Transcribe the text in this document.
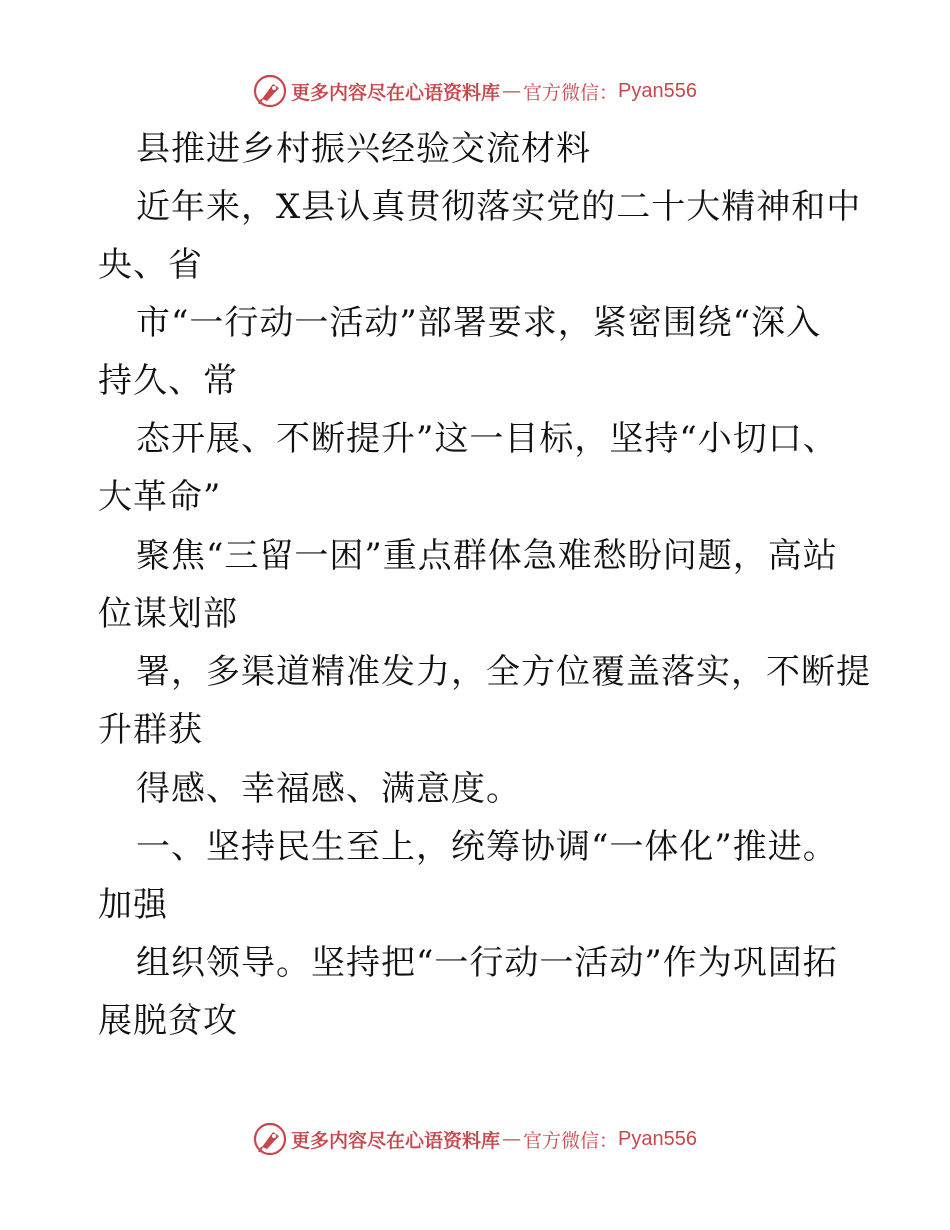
更多内容尽在心语资料库 — 官方微信： Pyan556

县推进乡村振兴经验交流材料

近年来，X县认真贯彻落实党的二十大精神和中

央、省

市“一行动一活动”部署要求，紧密围绕“深入

持久、常

态开展、不断提升”这一目标，坚持“小切口、

大革命”

聚焦“三留一困”重点群体急难愁盼问题，高站

位谋划部

署，多渠道精准发力，全方位覆盖落实，不断提

升群获

得感、幸福感、满意度。

一、坚持民生至上，统筹协调“一体化”推进。

加强

组织领导。坚持把“一行动一活动”作为巩固拓

展脱贫攻

更多内容尽在心语资料库 — 官方微信： Pyan556
